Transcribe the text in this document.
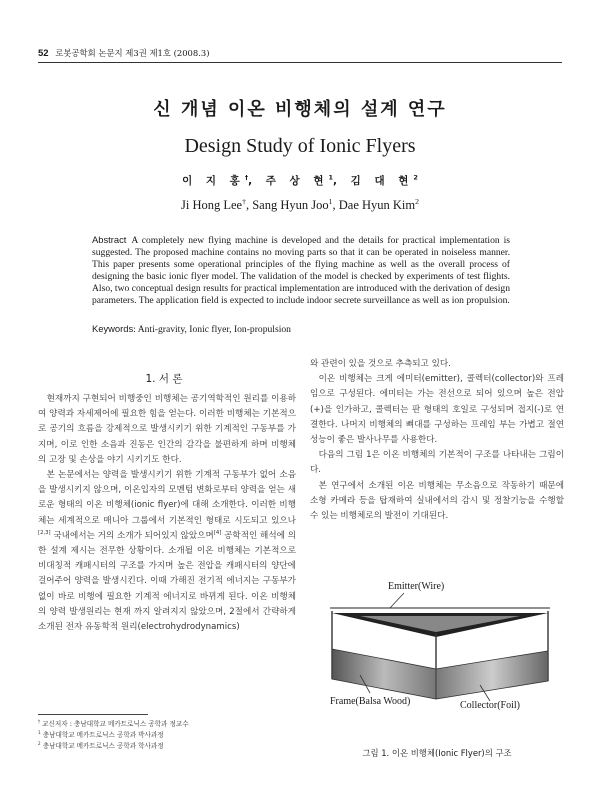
52 로봇공학회 논문지 제3권 제1호 (2008.3)
신 개념 이온 비행체의 설계 연구
Design Study of Ionic Flyers
이 지 홍†, 주 상 현$^1$, 김 대 현$^2$
Ji Hong Lee†, Sang Hyun Joo$^1$, Dae Hyun Kim$^2$
Abstract A completely new flying machine is developed and the details for practical implementation is suggested. The proposed machine contains no moving parts so that it can be operated in noiseless manner. This paper presents some operational principles of the flying machine as well as the overall process of designing the basic ionic flyer model. The validation of the model is checked by experiments of test flights. Also, two conceptual design results for practical implementation are introduced with the derivation of design parameters. The application field is expected to include indoor secrete surveillance as well as ion propulsion.
Keywords: Anti-gravity, Ionic flyer, Ion-propulsion
1. 서 론

현재까지 구현되어 비행중인 비행체는 공기역학적인 원리를 이용하여 양력과 자세제어에 필요한 힘을 얻는다. 이러한 비행체는 기본적으로 공기의 흐름을 강제적으로 발생시키기 위한 기계적인 구동부를 가지며, 이로 인한 소음과 진동은 인간의 감각을 불편하게 하며 비행체의 고장 및 손상을 야기 시키기도 한다.

본 논문에서는 양력을 발생시키기 위한 기계적 구동부가 없어 소음을 발생시키지 않으며, 이온입자의 모멘텀 변화로부터 양력을 얻는 새로운 형태의 이온 비행체(ionic flyer)에 대해 소개한다. 이러한 비행체는 세계적으로 매니아 그룹에서 기본적인 형태로 시도되고 있으나[2,3] 국내에서는 거의 소개가 되어있지 않았으며[4] 공학적인 해석에 의한 설계 제시는 전무한 상황이다. 소개될 이온 비행체는 기본적으로 비대칭적 캐패시터의 구조를 가지며 높은 전압을 캐패시터의 양단에 걸어주어 양력을 발생시킨다. 이때 가해진 전기적 에너지는 구동부가 없이 바로 비행에 필요한 기계적 에너지로 바뀌게 된다. 이온 비행체의 양력 발생원리는 현재 까지 알려지지 않았으며, 2절에서 간략하게 소개된 전자 유동학적 원리(electrohydrodynamics)

와 관련이 있을 것으로 추측되고 있다.

이온 비행체는 크게 에미터(emitter), 콜렉터(collector)와 프레임으로 구성된다. 에미터는 가는 전선으로 되어 있으며 높은 전압(+)을 인가하고, 콜렉터는 판 형태의 호일로 구성되며 접지(-)로 연결한다. 나머지 비행체의 뼈대를 구성하는 프레임 부는 가볍고 절연성능이 좋은 발사나무를 사용한다.

다음의 그림 1은 이온 비행체의 기본적이 구조를 나타내는 그림이다.

본 연구에서 소개된 이온 비행체는 무소음으로 작동하기 때문에 소형 카메라 등을 탑재하여 실내에서의 감시 및 정찰기능을 수행할 수 있는 비행체로의 발전이 기대된다.

† 교신저자 : 충남대학교 메카트로닉스 공학과 정교수
$^1$ 충남대학교 메카트로닉스 공학과 박사과정
$^2$ 충남대학교 메카트로닉스 공학과 학사과정
Emitter(Wire)
Frame(Balsa Wood)	Collector(Foil)
그림 1. 이온 비행체(Ionic Flyer)의 구조
